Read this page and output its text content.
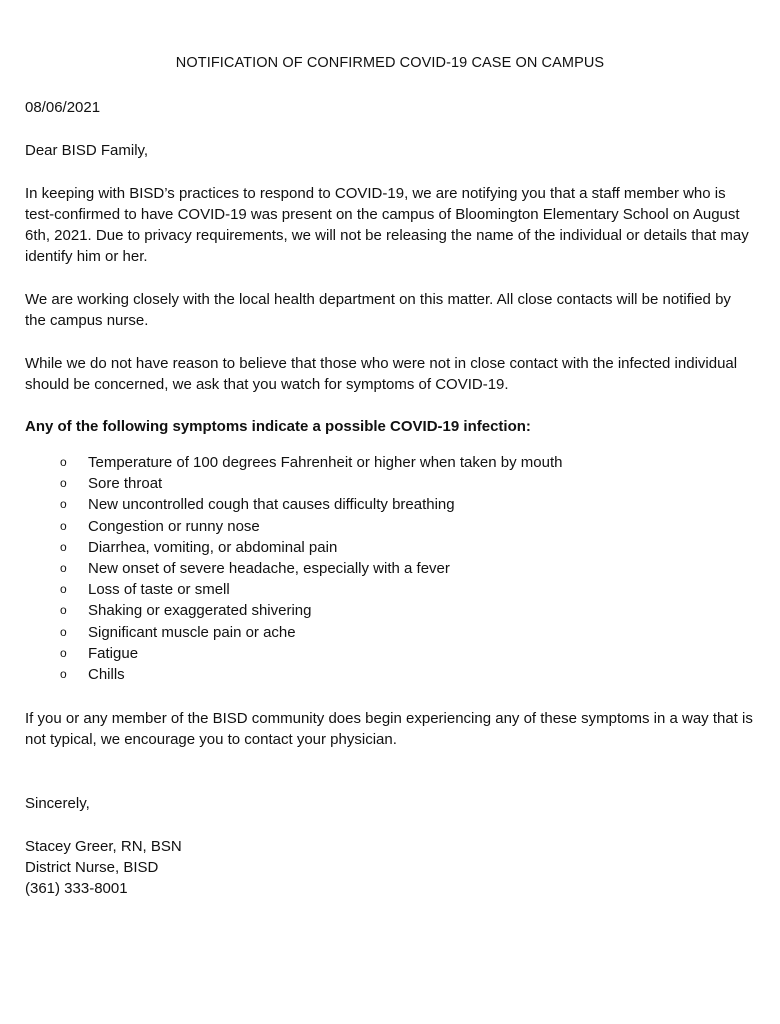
NOTIFICATION OF CONFIRMED COVID-19 CASE ON CAMPUS

08/06/2021

Dear BISD Family,

In keeping with BISD’s practices to respond to COVID-19, we are notifying you that a staff member who is test-confirmed to have COVID-19 was present on the campus of Bloomington Elementary School on August 6th, 2021. Due to privacy requirements, we will not be releasing the name of the individual or details that may identify him or her.

We are working closely with the local health department on this matter. All close contacts will be notified by the campus nurse.

While we do not have reason to believe that those who were not in close contact with the infected individual should be concerned, we ask that you watch for symptoms of COVID-19.

Any of the following symptoms indicate a possible COVID-19 infection:

o Temperature of 100 degrees Fahrenheit or higher when taken by mouth
o Sore throat
o New uncontrolled cough that causes difficulty breathing
o Congestion or runny nose
o Diarrhea, vomiting, or abdominal pain
o New onset of severe headache, especially with a fever
o Loss of taste or smell
o Shaking or exaggerated shivering
o Significant muscle pain or ache
o Fatigue
o Chills

If you or any member of the BISD community does begin experiencing any of these symptoms in a way that is not typical, we encourage you to contact your physician.

Sincerely,

Stacey Greer, RN, BSN

District Nurse, BISD

(361) 333-8001
